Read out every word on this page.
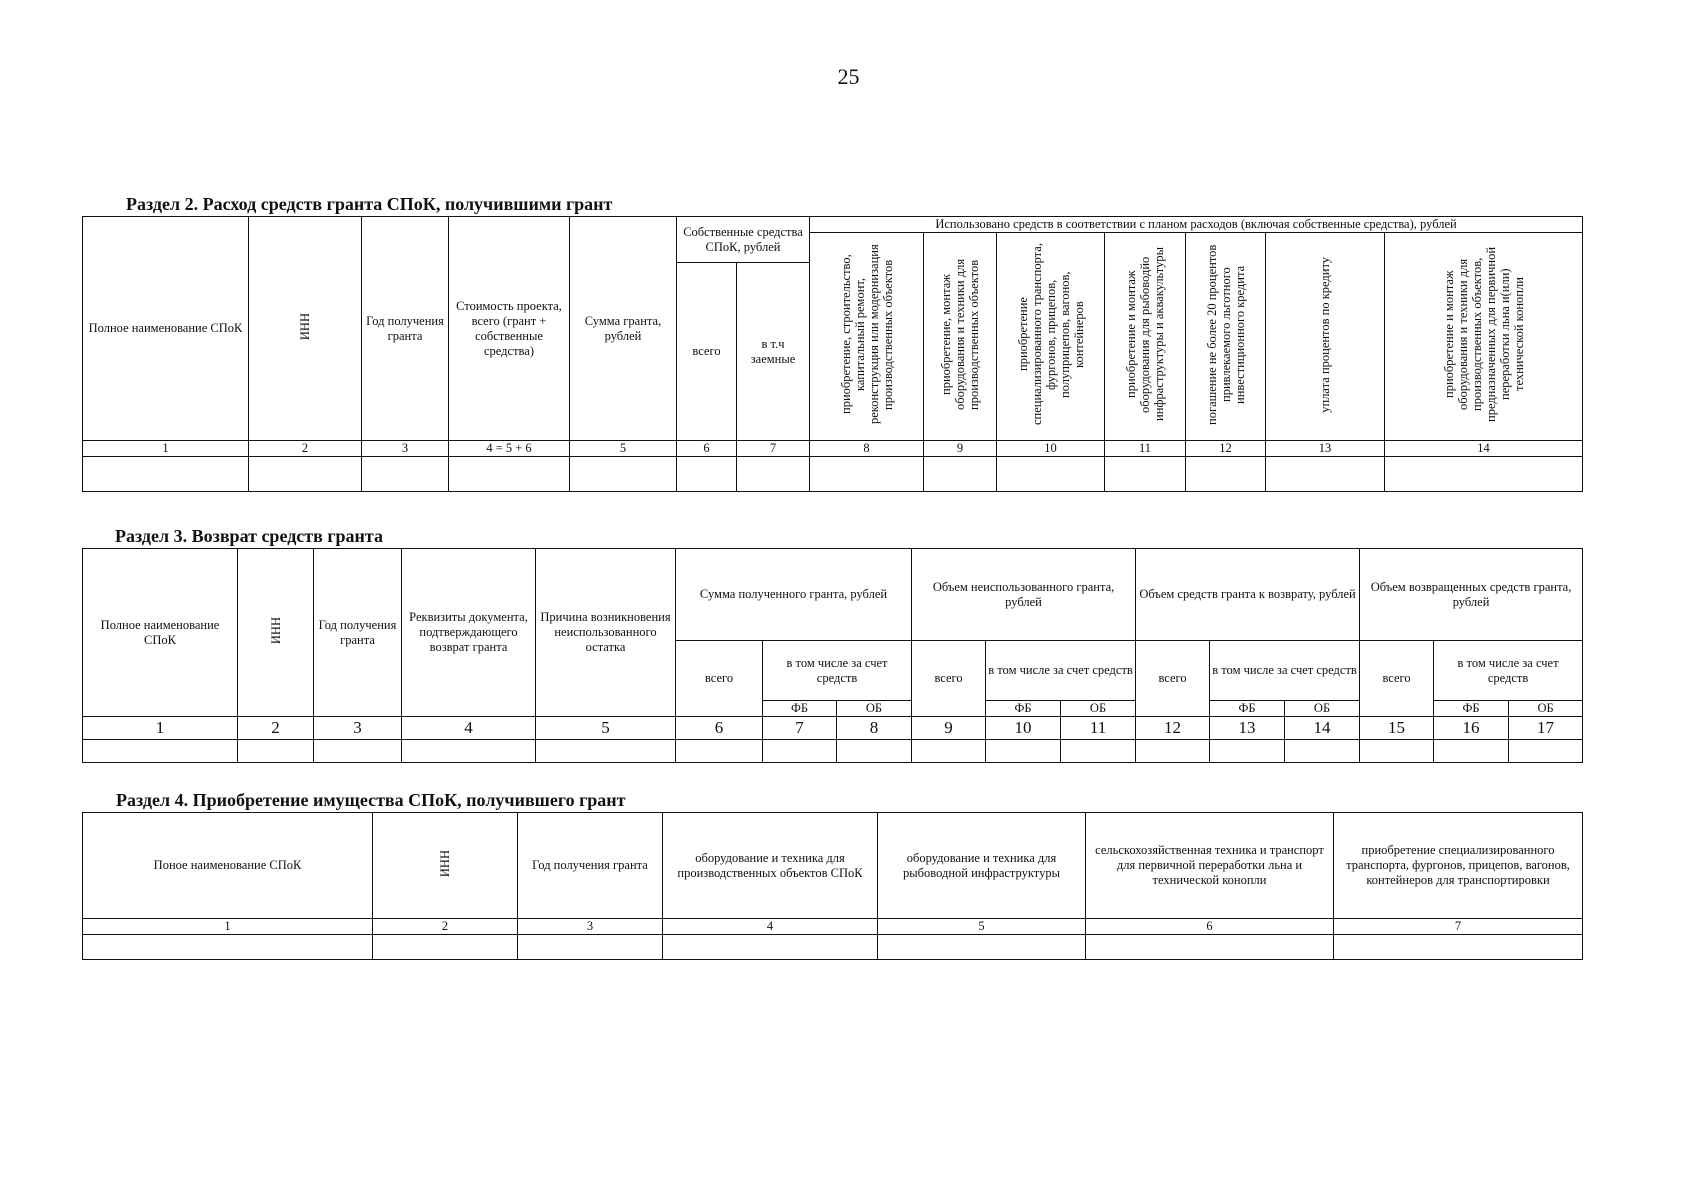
25
Раздел 2. Расход средств гранта СПоК, получившими грант
Полное наименование СПоК	ИНН	Год получения гранта	Стоимость проекта, всего (грант + собственные средства)	Сумма гранта, рублей	Собственные средства СПоК, рублей		Использовано средств в соответствии с планом расходов (включая собственные средства), рублей						
							приобретение, строительство, капитальный ремонт, реконструкция или модернизация производственных объектов	приобретение, монтаж оборудования и техники для производственных объектов	приобретение специализированного транспорта, фургонов, прицепов, полуприцепов, вагонов, контейнеров	приобретение и монтаж оборудования для рыбоводйо инфраструктуры и аквакультуры	погашение не более 20 процентов привлекаемого льготного инвестиционного кредита	уплата процентов по кредиту	приобретение и монтаж оборудования и техники для производственных объектов, предназначенных для первичной переработки льна и(или) технической конопли
					всего	в т.ч заемные							
1	2	3	4 = 5 + 6	5	6	7	8	9	10	11	12	13	14

Раздел 3. Возврат средств гранта
Полное наименование СПоК	ИНН	Год получения гранта	Реквизиты документа, подтверждающего возврат гранта	Причина возникновения неиспользованного остатка	Сумма полученного гранта, рублей			Объем неиспользованного гранта, рублей			Объем средств гранта к возврату, рублей			Объем возвращенных средств гранта, рублей		
					всего	в том числе за счет средств		всего	в том числе за счет средств		всего	в том числе за счет средств		всего	в том числе за счет средств	
						ФБ	ОБ		ФБ	ОБ		ФБ	ОБ		ФБ	ОБ
1	2	3	4	5	6	7	8	9	10	11	12	13	14	15	16	17

Раздел 4. Приобретение имущества СПоК, получившего грант
Поное наименование СПоК	ИНН	Год получения гранта	оборудование и техника для производственных объектов СПоК	оборудование и техника для рыбоводной инфраструктуры	сельскохозяйственная техника и транспорт для первичной переработки льна и технической конопли	приобретение специализированного транспорта, фургонов, прицепов, вагонов, контейнеров для транспортировки
1	2	3	4	5	6	7
